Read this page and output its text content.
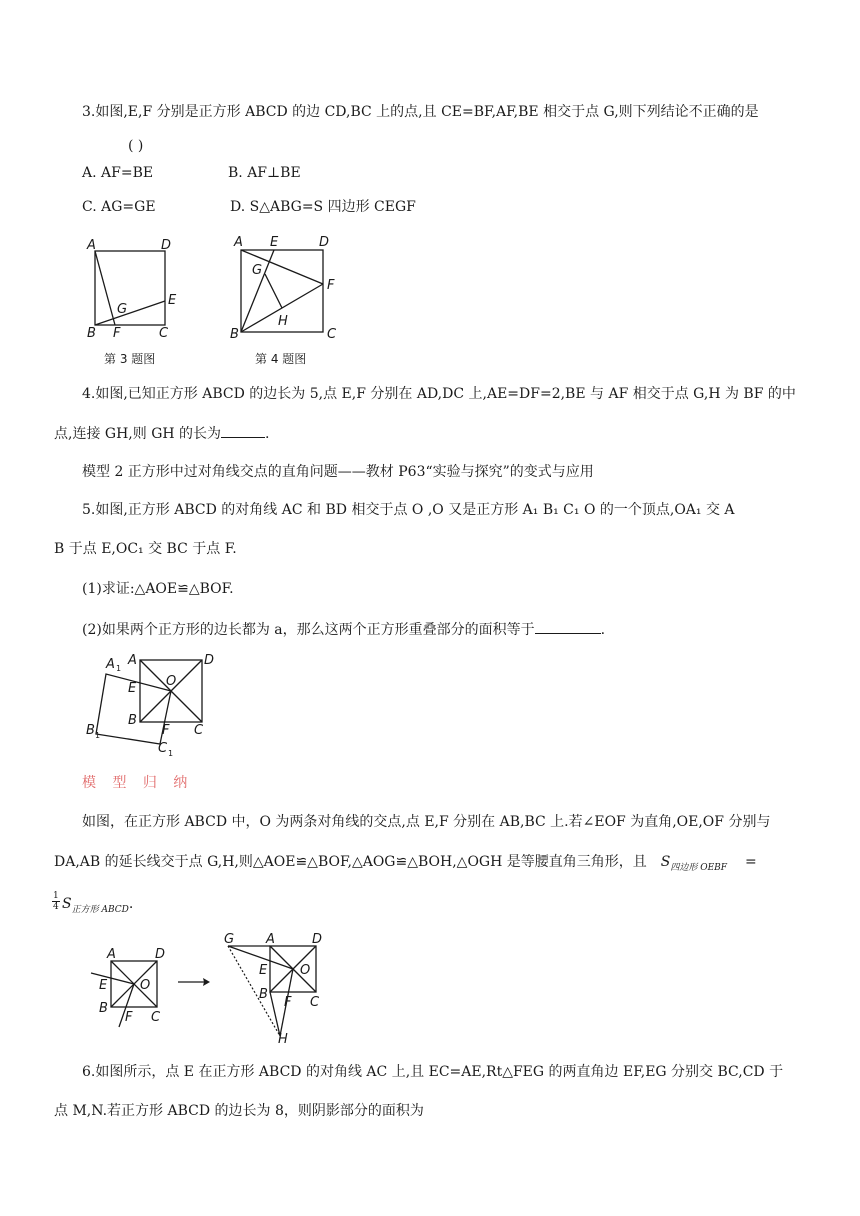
3.如图,E,F 分别是正方形 ABCD 的边 CD,BC 上的点,且 CE=BF,AF,BE 相交于点 G,则下列结论不正确的是
( )
A. AF=BE	B. AF⊥BE
C. AG=GE	D. S△ABG=S 四边形 CEGF
A	D
G
E
B F	C
第 3 题图
A E	D
G
F
H
B	C
第 4 题图
4.如图,已知正方形 ABCD 的边长为 5,点 E,F 分别在 AD,DC 上,AE=DF=2,BE 与 AF 相交于点 G,H 为 BF 的中
点,连接 GH,则 GH 的长为	.
模型 2 正方形中过对角线交点的直角问题——教材 P63“实验与探究”的变式与应用
5.如图,正方形 ABCD 的对角线 AC 和 BD 相交于点 O ,O 又是正方形 A₁ B₁ C₁ O 的一个顶点,OA₁ 交 A
B 于点 E,OC₁ 交 BC 于点 F.
(1)求证:△AOE≌△BOF.
(2)如果两个正方形的边长都为 a，那么这两个正方形重叠部分的面积等于	.
A 1
A	D
E O
B
F C
B 1
C 1
模 型 归 纳
如图，在正方形 ABCD 中，O 为两条对角线的交点,点 E,F 分别在 AB,BC 上.若∠EOF 为直角,OE,OF 分别与
DA,AB 的延长线交于点 G,H,则△AOE≌△BOF,△AOG≌△BOH,△OGH 是等腰直角三角形，且 $S_{四边形 OEBF}$ =
$\frac{1}{4} S_{正方形 ABCD}$.
A	D
E	O
B
F C
G A	D
E	O
B
F C
H
6.如图所示，点 E 在正方形 ABCD 的对角线 AC 上,且 EC=AE,Rt△FEG 的两直角边 EF,EG 分别交 BC,CD 于
点 M,N.若正方形 ABCD 的边长为 8，则阴影部分的面积为
